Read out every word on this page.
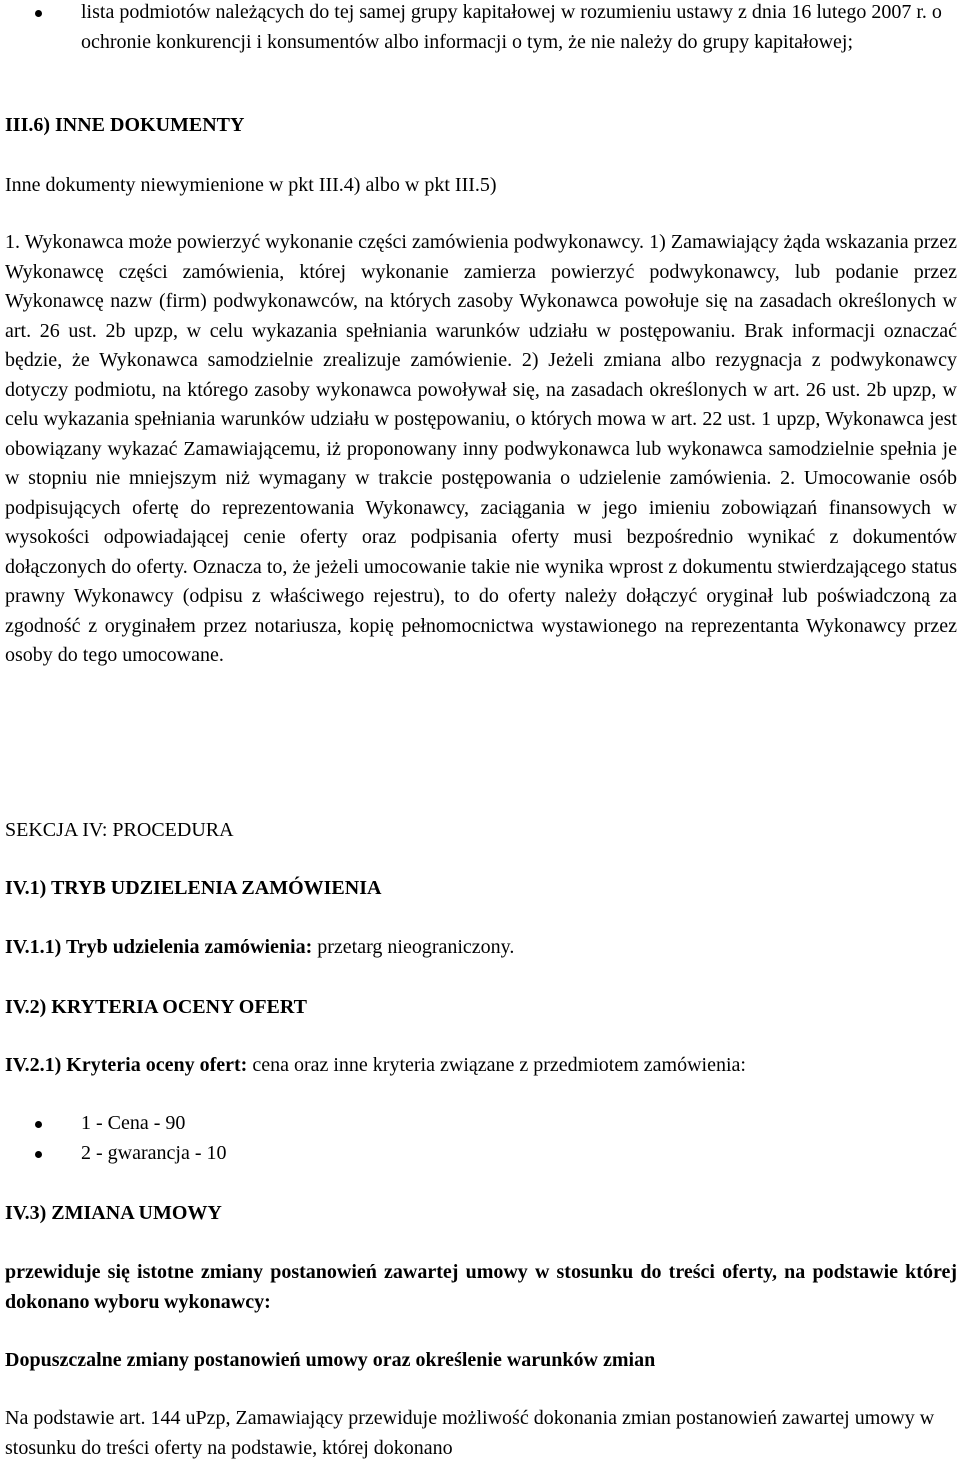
lista podmiotów należących do tej samej grupy kapitałowej w rozumieniu ustawy z dnia 16 lutego 2007 r. o ochronie konkurencji i konsumentów albo informacji o tym, że nie należy do grupy kapitałowej;
III.6) INNE DOKUMENTY
Inne dokumenty niewymienione w pkt III.4) albo w pkt III.5)
1. Wykonawca może powierzyć wykonanie części zamówienia podwykonawcy. 1) Zamawiający żąda wskazania przez Wykonawcę części zamówienia, której wykonanie zamierza powierzyć podwykonawcy, lub podanie przez Wykonawcę nazw (firm) podwykonawców, na których zasoby Wykonawca powołuje się na zasadach określonych w art. 26 ust. 2b upzp, w celu wykazania spełniania warunków udziału w postępowaniu. Brak informacji oznaczać będzie, że Wykonawca samodzielnie zrealizuje zamówienie. 2) Jeżeli zmiana albo rezygnacja z podwykonawcy dotyczy podmiotu, na którego zasoby wykonawca powoływał się, na zasadach określonych w art. 26 ust. 2b upzp, w celu wykazania spełniania warunków udziału w postępowaniu, o których mowa w art. 22 ust. 1 upzp, Wykonawca jest obowiązany wykazać Zamawiającemu, iż proponowany inny podwykonawca lub wykonawca samodzielnie spełnia je w stopniu nie mniejszym niż wymagany w trakcie postępowania o udzielenie zamówienia. 2. Umocowanie osób podpisujących ofertę do reprezentowania Wykonawcy, zaciągania w jego imieniu zobowiązań finansowych w wysokości odpowiadającej cenie oferty oraz podpisania oferty musi bezpośrednio wynikać z dokumentów dołączonych do oferty. Oznacza to, że jeżeli umocowanie takie nie wynika wprost z dokumentu stwierdzającego status prawny Wykonawcy (odpisu z właściwego rejestru), to do oferty należy dołączyć oryginał lub poświadczoną za zgodność z oryginałem przez notariusza, kopię pełnomocnictwa wystawionego na reprezentanta Wykonawcy przez osoby do tego umocowane.
SEKCJA IV: PROCEDURA
IV.1) TRYB UDZIELENIA ZAMÓWIENIA
IV.1.1) Tryb udzielenia zamówienia: przetarg nieograniczony.
IV.2) KRYTERIA OCENY OFERT
IV.2.1) Kryteria oceny ofert: cena oraz inne kryteria związane z przedmiotem zamówienia:
1 - Cena - 90
2 - gwarancja - 10
IV.3) ZMIANA UMOWY
przewiduje się istotne zmiany postanowień zawartej umowy w stosunku do treści oferty, na podstawie której dokonano wyboru wykonawcy:
Dopuszczalne zmiany postanowień umowy oraz określenie warunków zmian
Na podstawie art. 144 uPzp, Zamawiający przewiduje możliwość dokonania zmian postanowień zawartej umowy w stosunku do treści oferty na podstawie, której dokonano
